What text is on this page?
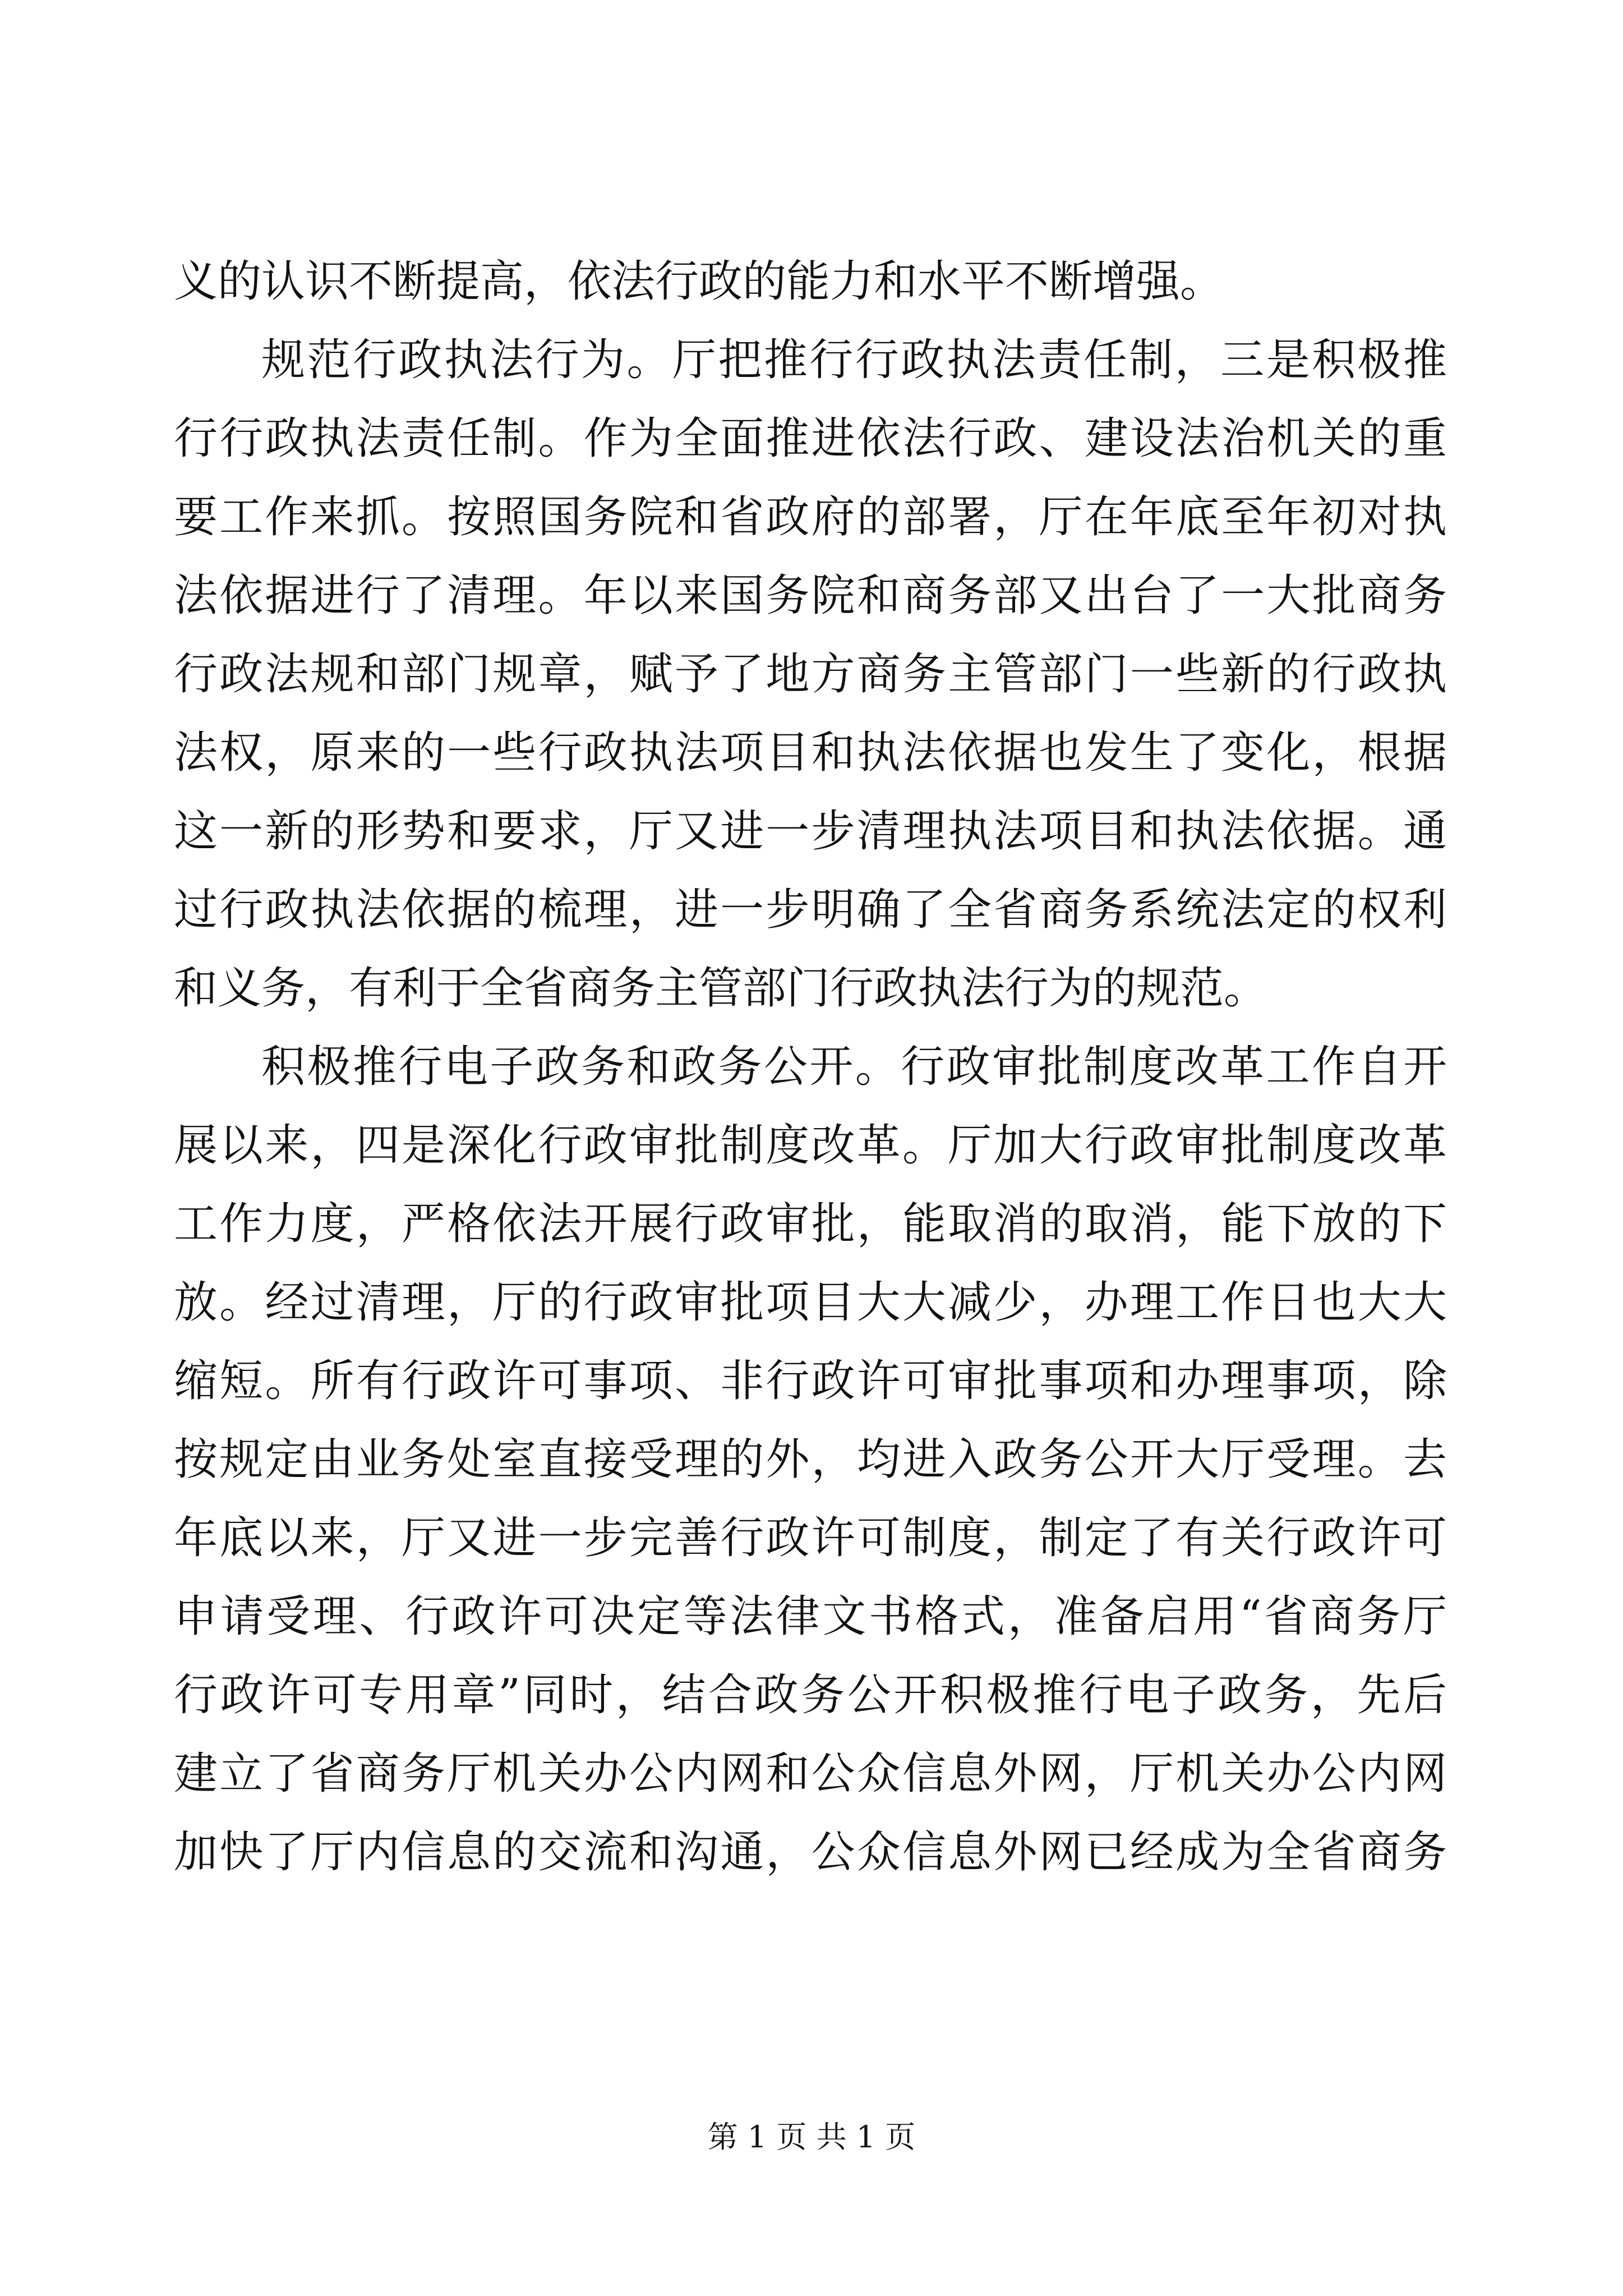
义的认识不断提高，依法行政的能力和水平不断增强。
规范行政执法行为。厅把推行行政执法责任制，三是积极推
行行政执法责任制。作为全面推进依法行政、建设法治机关的重
要工作来抓。按照国务院和省政府的部署，厅在年底至年初对执
法依据进行了清理。年以来国务院和商务部又出台了一大批商务
行政法规和部门规章，赋予了地方商务主管部门一些新的行政执
法权，原来的一些行政执法项目和执法依据也发生了变化，根据
这一新的形势和要求，厅又进一步清理执法项目和执法依据。通
过行政执法依据的梳理，进一步明确了全省商务系统法定的权利
和义务，有利于全省商务主管部门行政执法行为的规范。
积极推行电子政务和政务公开。行政审批制度改革工作自开
展以来，四是深化行政审批制度改革。厅加大行政审批制度改革
工作力度，严格依法开展行政审批，能取消的取消，能下放的下
放。经过清理，厅的行政审批项目大大减少，办理工作日也大大
缩短。所有行政许可事项、非行政许可审批事项和办理事项，除
按规定由业务处室直接受理的外，均进入政务公开大厅受理。去
年底以来，厅又进一步完善行政许可制度，制定了有关行政许可
申请受理、行政许可决定等法律文书格式，准备启用“省商务厅
行政许可专用章”同时，结合政务公开积极推行电子政务，先后
建立了省商务厅机关办公内网和公众信息外网，厅机关办公内网
加快了厅内信息的交流和沟通，公众信息外网已经成为全省商务
第 1 页 共 1 页
